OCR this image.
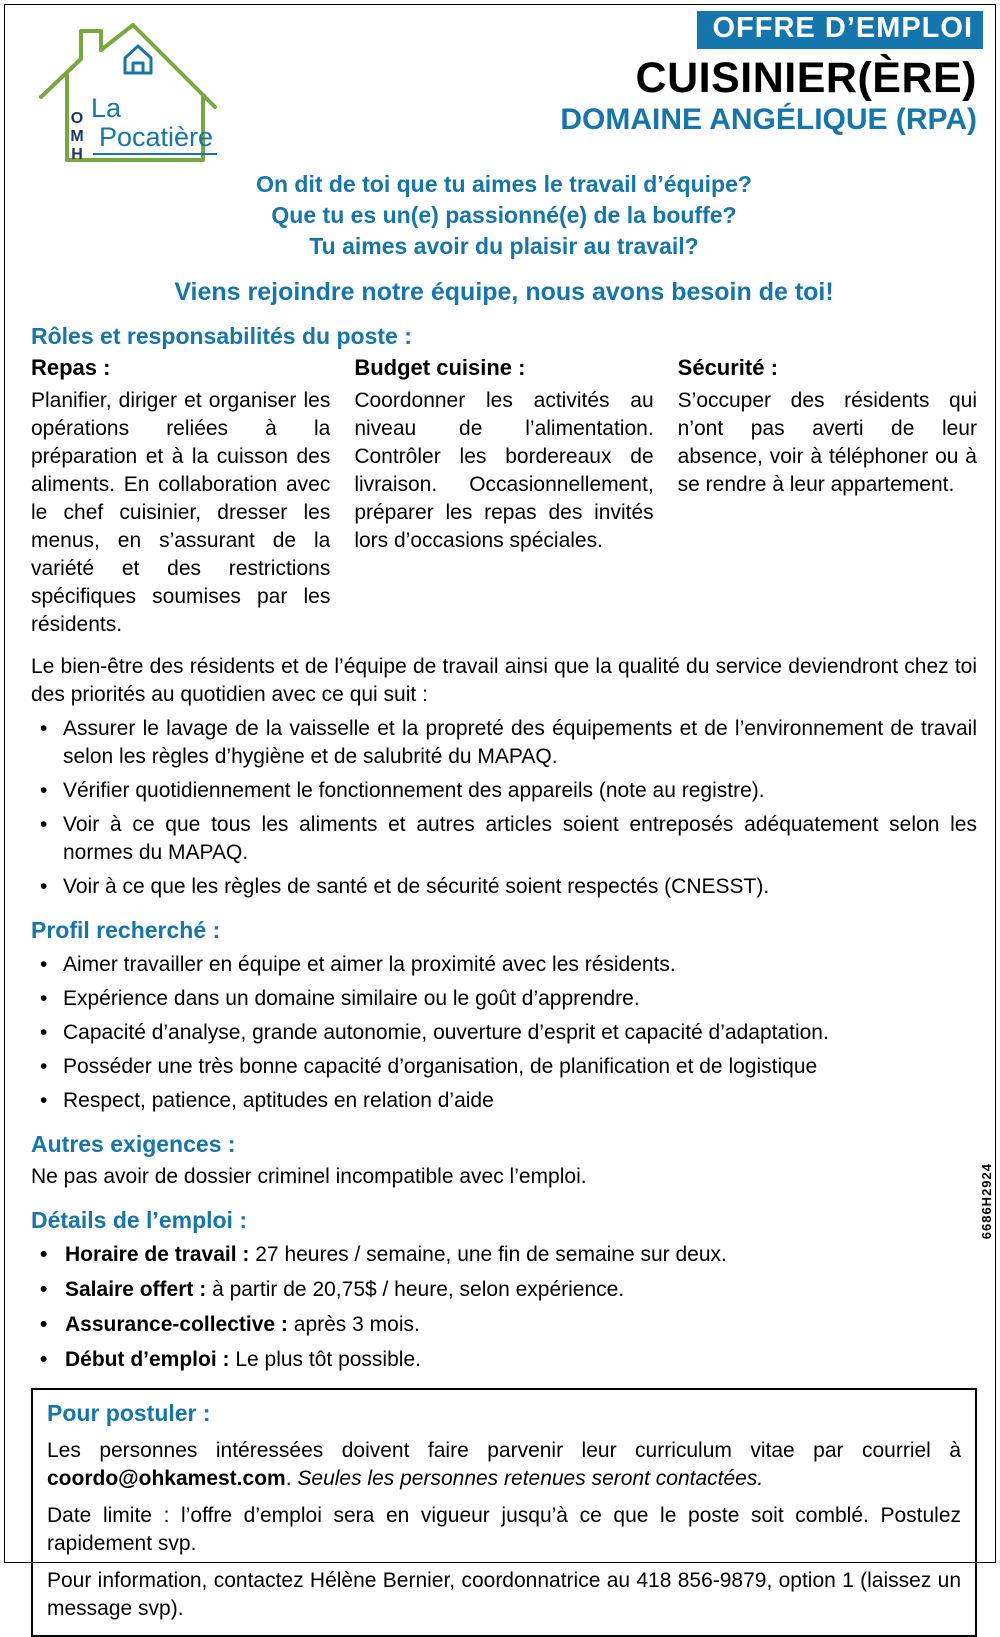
O
M
H
La
Pocatière
OFFRE D’EMPLOI
CUISINIER(ÈRE)
DOMAINE ANGÉLIQUE (RPA)

On dit de toi que tu aimes le travail d’équipe?

Que tu es un(e) passionné(e) de la bouffe?

Tu aimes avoir du plaisir au travail?

Viens rejoindre notre équipe, nous avons besoin de toi!

Rôles et responsabilités du poste :
Repas :

Planifier, diriger et organiser les opérations reliées à la préparation et à la cuisson des aliments. En collaboration avec le chef cuisinier, dresser les menus, en s’assurant de la variété et des restrictions spécifiques soumises par les résidents.

Budget cuisine :

Coordonner les activités au niveau de l’alimentation. Contrôler les bordereaux de livraison. Occasionnellement, préparer les repas des invités lors d’occasions spéciales.

Sécurité :

S’occuper des résidents qui n’ont pas averti de leur absence, voir à téléphoner ou à se rendre à leur appartement.

Le bien-être des résidents et de l’équipe de travail ainsi que la qualité du service deviendront chez toi des priorités au quotidien avec ce qui suit :

• Assurer le lavage de la vaisselle et la propreté des équipements et de l’environnement de travail selon les règles d’hygiène et de salubrité du MAPAQ.
• Vérifier quotidiennement le fonctionnement des appareils (note au registre).
• Voir à ce que tous les aliments et autres articles soient entreposés adéquatement selon les normes du MAPAQ.
• Voir à ce que les règles de santé et de sécurité soient respectés (CNESST).
Profil recherché :
• Aimer travailler en équipe et aimer la proximité avec les résidents.
• Expérience dans un domaine similaire ou le goût d’apprendre.
• Capacité d’analyse, grande autonomie, ouverture d’esprit et capacité d’adaptation.
• Posséder une très bonne capacité d’organisation, de planification et de logistique
• Respect, patience, aptitudes en relation d’aide
Autres exigences :

Ne pas avoir de dossier criminel incompatible avec l’emploi.

Détails de l’emploi :
• Horaire de travail : 27 heures / semaine, une fin de semaine sur deux.
• Salaire offert : à partir de 20,75$ / heure, selon expérience.
• Assurance-collective : après 3 mois.
• Début d’emploi : Le plus tôt possible.
Pour postuler :

Les personnes intéressées doivent faire parvenir leur curriculum vitae par courriel à coordo@ohkamest.com. Seules les personnes retenues seront contactées.

Date limite : l’offre d’emploi sera en vigueur jusqu’à ce que le poste soit comblé. Postulez rapidement svp.

Pour information, contactez Hélène Bernier, coordonnatrice au 418 856-9879, option 1 (laissez un message svp).

6686H2924
